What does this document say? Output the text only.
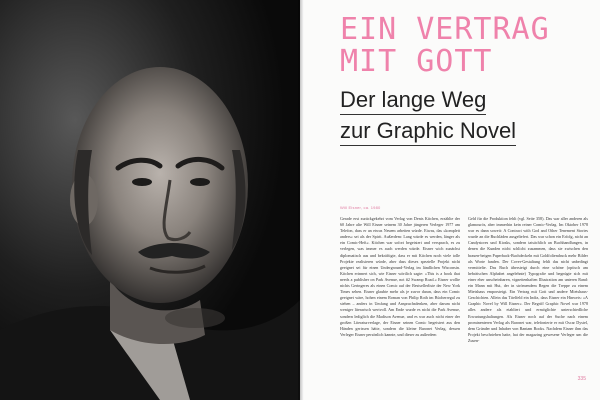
EIN VERTRAG
MIT GOTT
Der lange Weg
zur Graphic Novel
Will Eisner, ca. 1980

Gerade erst zurückgekehrt vom Verlag von Denis Kitchen, erzählte der 60 Jahre alte Will Eisner seinem 30 Jahre jüngeren Verleger 1977 am Telefon, dass er an etwas Neuem arbeiten würde. Etwas, das »komplett anders« sei als der Spirit. Außerdem: Lang würde es werden, länger als ein Comic-Heft«. Kitchen war sofort begeistert und versprach, es zu verlegen, was immer es auch werden würde. Eisner wich zunächst diplomatisch aus und bekräftigte, dass er mit Kitchen noch viele tolle Projekte realisieren würde, aber dass dieses spezielle Projekt nicht geeignet sei für einen Underground-Verlag im ländlichen Wisconsin. Kitchen erinnert sich, wie Eisner wörtlich sagte: »This is a book that needs a publisher on Park Avenue, not #2 Swamp Road.« Eisner wollte nichts Geringeres als einen Comic auf der Bestsellerliste der New York Times sehen. Eisner glaubte mehr als je zuvor daran, dass ein Comic geeignet wäre, hohen einem Roman von Philip Roth im Bücherregal zu stehen – anders in Umfang und Anspruchsdenken, aber darum nicht weniger literarisch wertvoll. Am Ende wurde es nicht die Park Avenue, sondern lediglich die Madison Avenue, und es war auch nicht einer der großen Literaturverlage, der Eisner seinen Comic begeistert aus den Händen gerissen hätte, sondern die kleine Baronet Verlag, dessen Verleger Eisner persönlich kannte, und dieser zu außerdem

Geld für die Produktion fehlt (vgl. Seite 358). Das war aller anderen als glamourös, aber immerhin kein reiner Comic-Verlag. Im Oktober 1978 war es dann soweit: A Contract with God and Other Tenement Stories wurde an die Buchläden ausgeliefert. Das war schon ein Erfolg, nicht an Candystores und Kiosks, sondern tatsächlich an Buchhandlungen, in denen die Kunden nicht schlicht zusammen, dass sie zwischen den brauen-beigen Paperback-Buchdeckeln mit Goldfoliendruck mehr Bilder als Worte fanden. Der Cover-Gestaltung fehlt das nicht unbedingt vermittelte. Das Buch übersteigt durch eine schöne (optisch am hebräischen Alphabet angelehnte) Typografie und begnügte sich mit einer eher unscheinbaren, vignettenhaften Illustration am unteren Rand: ein Mann mit Hut, der in strömendem Regen die Treppe zu einem Mietshaus emporsteigt. Ein Vertrag mit Gott und andere Mietshaus-Geschichten. Allein das Titelfeld ein Indiz, dass Eisner ein Hinweis: »A Graphic Novel by Will Eisner«. Der Begriff Graphic Novel war 1978 alles andere als etabliert und ermöglichte unterschiedliche Erwartungshaltungen. Als Eisner noch auf der Suche nach einem prominenteren Verlag als Baronet war, telefonierte er mit Oscar Dystel, dem Gründer und Inhaber von Bantam Books. Nachdem Eisner ihm das Projekt beschrieben hatte, hat der magazing gewesene Verleger um die Zusen-

335
